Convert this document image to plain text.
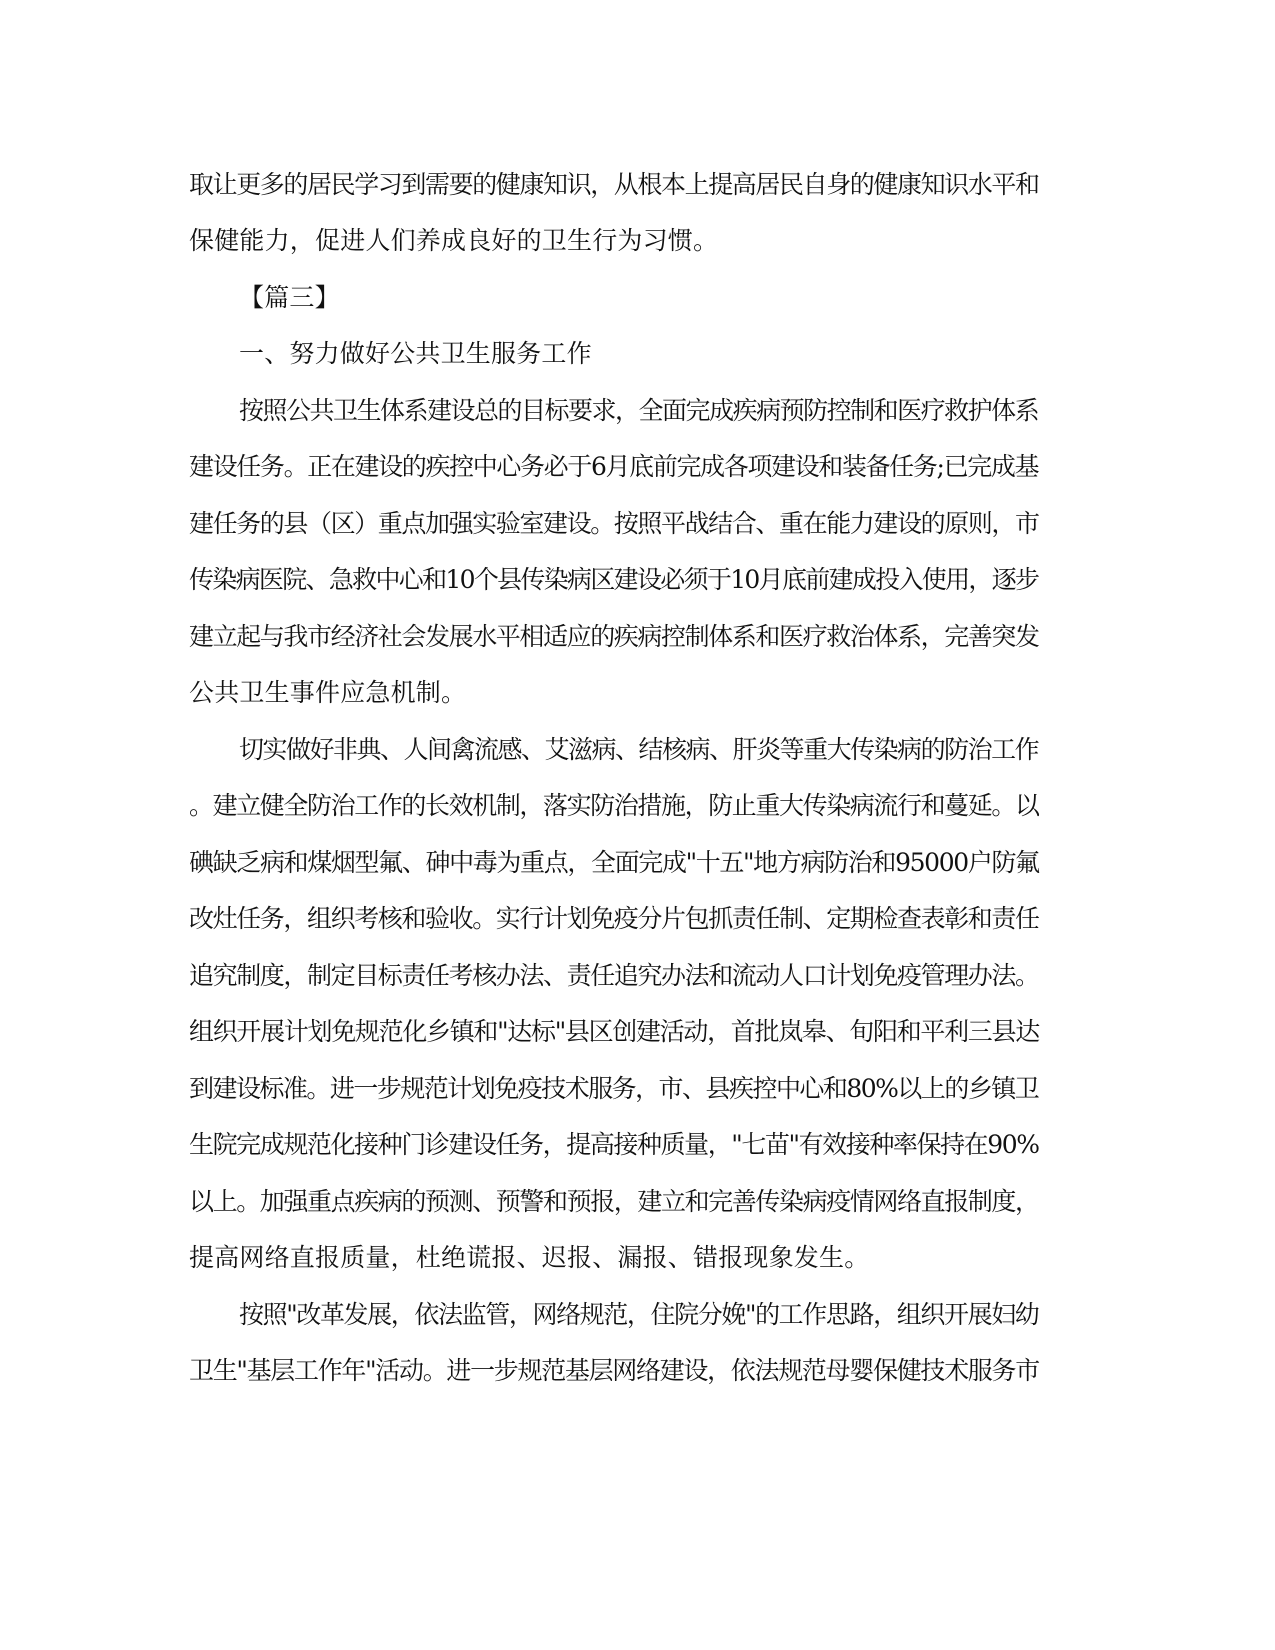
取让更多的居民学习到需要的健康知识，从根本上提高居民自身的健康知识水平和
保健能力，促进人们养成良好的卫生行为习惯。
【篇三】
一、努力做好公共卫生服务工作
按照公共卫生体系建设总的目标要求，全面完成疾病预防控制和医疗救护体系
建设任务。正在建设的疾控中心务必于6月底前完成各项建设和装备任务;已完成基
建任务的县（区）重点加强实验室建设。按照平战结合、重在能力建设的原则，市
传染病医院、急救中心和10个县传染病区建设必须于10月底前建成投入使用，逐步
建立起与我市经济社会发展水平相适应的疾病控制体系和医疗救治体系，完善突发
公共卫生事件应急机制。
切实做好非典、人间禽流感、艾滋病、结核病、肝炎等重大传染病的防治工作
。建立健全防治工作的长效机制，落实防治措施，防止重大传染病流行和蔓延。以
碘缺乏病和煤烟型氟、砷中毒为重点，全面完成"十五"地方病防治和95000户防氟
改灶任务，组织考核和验收。实行计划免疫分片包抓责任制、定期检查表彰和责任
追究制度，制定目标责任考核办法、责任追究办法和流动人口计划免疫管理办法。
组织开展计划免规范化乡镇和"达标"县区创建活动，首批岚皋、旬阳和平利三县达
到建设标准。进一步规范计划免疫技术服务，市、县疾控中心和80%以上的乡镇卫
生院完成规范化接种门诊建设任务，提高接种质量，"七苗"有效接种率保持在90%
以上。加强重点疾病的预测、预警和预报，建立和完善传染病疫情网络直报制度，
提高网络直报质量，杜绝谎报、迟报、漏报、错报现象发生。
按照"改革发展，依法监管，网络规范，住院分娩"的工作思路，组织开展妇幼
卫生"基层工作年"活动。进一步规范基层网络建设，依法规范母婴保健技术服务市
